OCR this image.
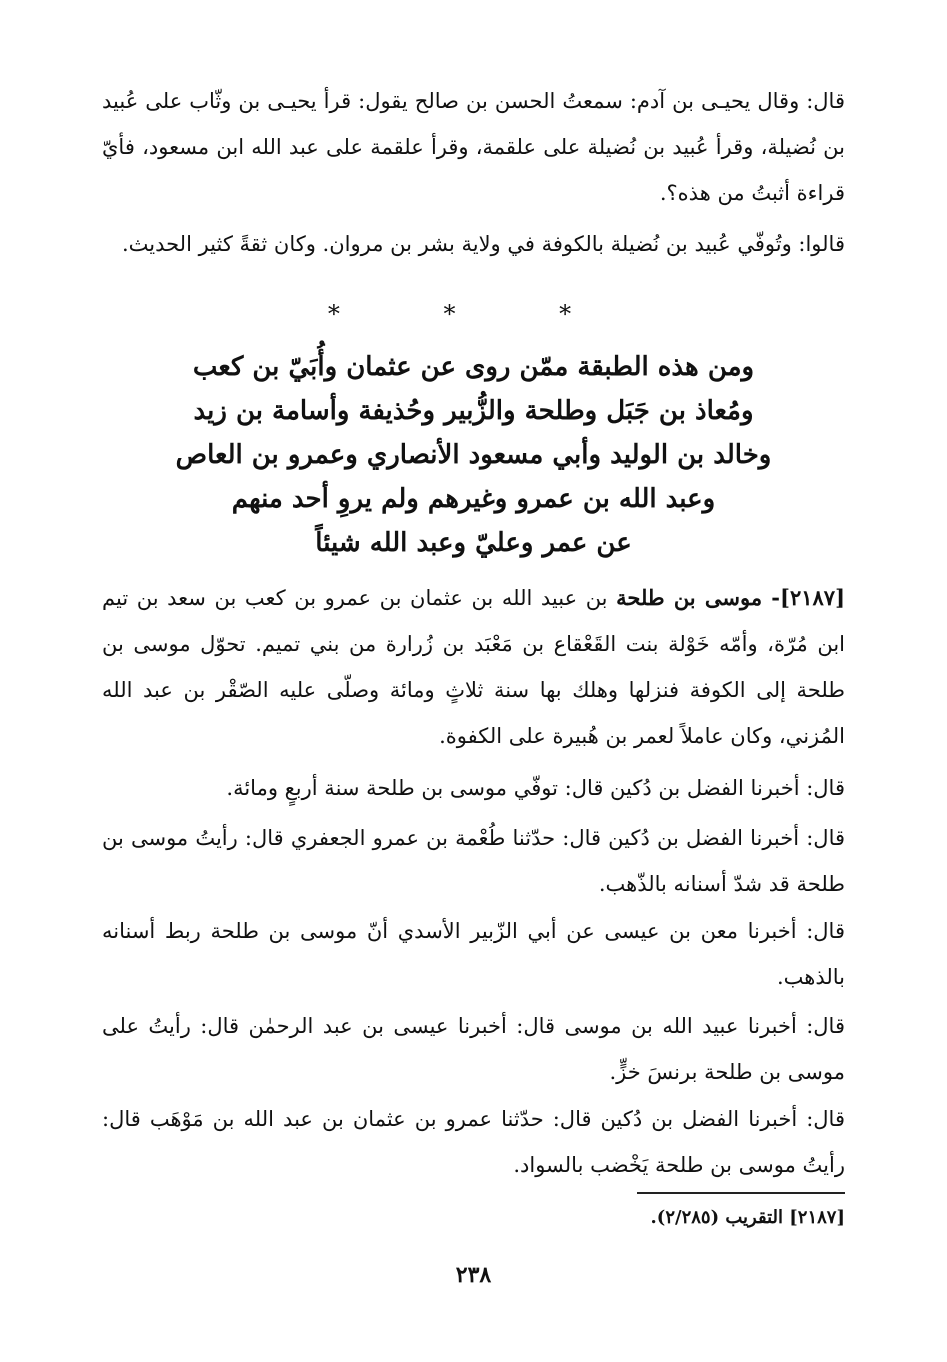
قال: وقال يحيـى بن آدم: سمعتُ الحسن بن صالح يقول: قرأ يحيـى بن وثّاب على عُبيد بن نُضيلة، وقرأ عُبيد بن نُضيلة على علقمة، وقرأ علقمة على عبد الله ابن مسعود، فأيّ قراءة أثبتُ من هذه؟.

قالوا: وتُوفّي عُبيد بن نُضيلة بالكوفة في ولاية بشر بن مروان. وكان ثقةً كثير الحديث.

* * *
ومن هذه الطبقة ممّن روى عن عثمان وأُبَيّ بن كعب
ومُعاذ بن جَبَل وطلحة والزُّبير وحُذيفة وأسامة بن زيد
وخالد بن الوليد وأبي مسعود الأنصاري وعمرو بن العاص
وعبد الله بن عمرو وغيرهم ولم يروِ أحد منهم
عن عمر وعليّ وعبد الله شيئاً

[٢١٨٧]- موسى بن طلحة بن عبيد الله بن عثمان بن عمرو بن كعب بن سعد بن تيم ابن مُرّة، وأمّه خَوْلة بنت القَعْقاع بن مَعْبَد بن زُرارة من بني تميم. تحوّل موسى بن طلحة إلى الكوفة فنزلها وهلك بها سنة ثلاثٍ ومائة وصلّى عليه الصّقْر بن عبد الله المُزني، وكان عاملاً لعمر بن هُبيرة على الكفوة.

قال: أخبرنا الفضل بن دُكين قال: توفّي موسى بن طلحة سنة أربعٍ ومائة.

قال: أخبرنا الفضل بن دُكين قال: حدّثنا طُعْمة بن عمرو الجعفري قال: رأيتُ موسى بن طلحة قد شدّ أسنانه بالذّهب.

قال: أخبرنا معن بن عيسى عن أبي الزّبير الأسدي أنّ موسى بن طلحة ربط أسنانه بالذهب.

قال: أخبرنا عبيد الله بن موسى قال: أخبرنا عيسى بن عبد الرحمٰن قال: رأيتُ على موسى بن طلحة برنسَ خزٍّ.

قال: أخبرنا الفضل بن دُكين قال: حدّثنا عمرو بن عثمان بن عبد الله بن مَوْهَب قال: رأيتُ موسى بن طلحة يَخْضب بالسواد.

[٢١٨٧] التقريب (٢/٢٨٥).
٢٣٨
